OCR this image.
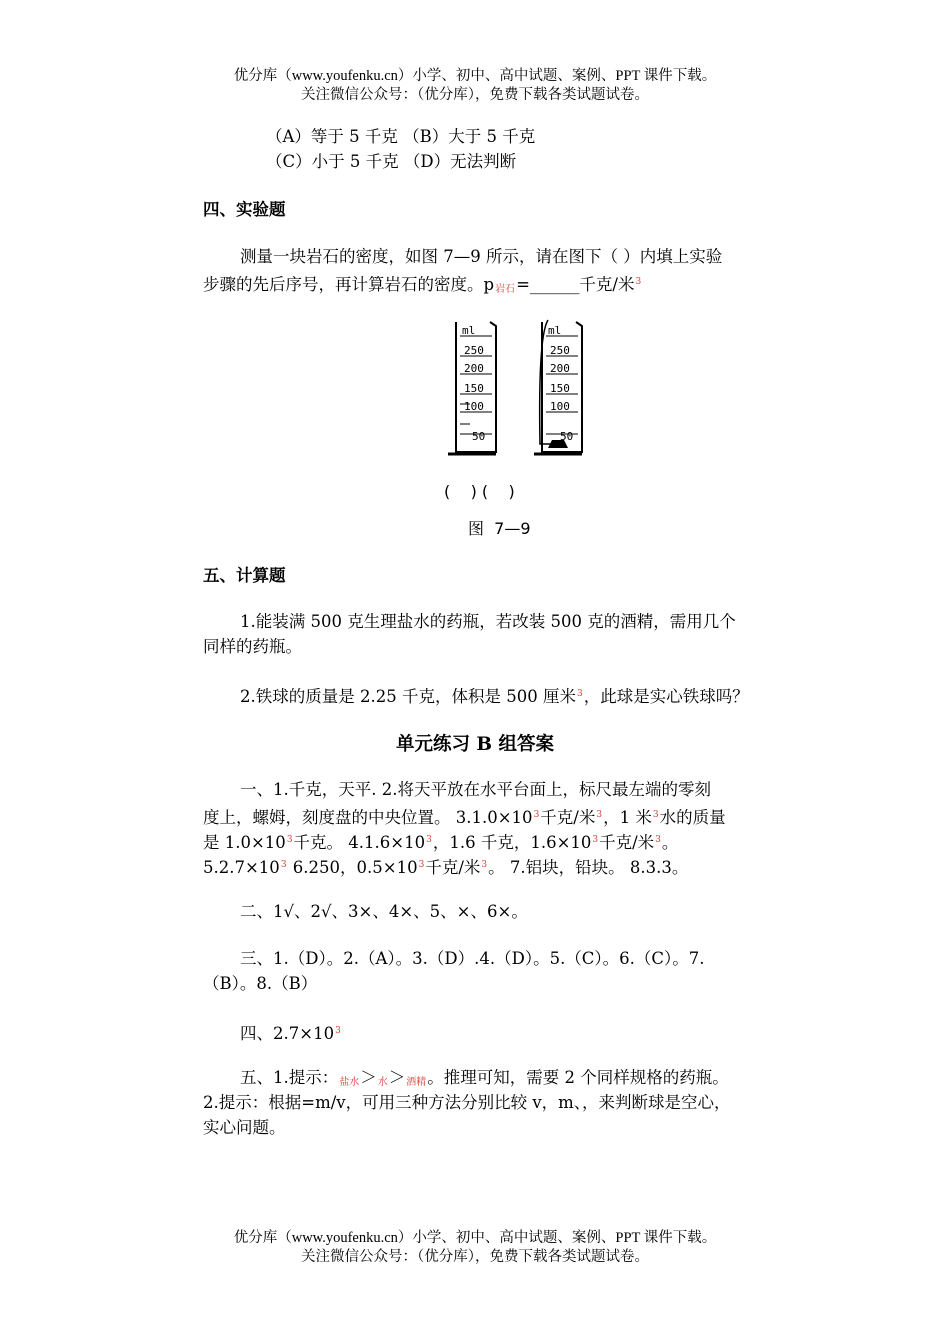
优分库（www.youfenku.cn）小学、初中、高中试题、案例、PPT 课件下载。
关注微信公众号：（优分库），免费下载各类试题试卷。
（A）等于 5 千克 （B）大于 5 千克
（C）小于 5 千克 （D）无法判断
四、实验题
测量一块岩石的密度，如图 7—9 所示，请在图下（ ）内填上实验
步骤的先后序号，再计算岩石的密度。p岩石=______千克/米$^3$
ml
250
200
150
100
50
ml
250
200
150
100
50
(    ) (    )
图  7—9
五、计算题
1.能装满 500 克生理盐水的药瓶，若改装 500 克的酒精，需用几个
同样的药瓶。
2.铁球的质量是 2.25 千克，体积是 500 厘米$^3$，此球是实心铁球吗？
单元练习 B 组答案
一、1.千克，天平. 2.将天平放在水平台面上，标尺最左端的零刻
度上，螺姆，刻度盘的中央位置。 $3.1.0\times 10^3$千克/米$^3$，1 米$^3$水的质量
是 $1.0\times 10^3$千克。 $4.1.6\times 10^3$，1.6 千克，$1.6\times 10^3$千克/米$^3$。
$5.2.7\times 10^3$ 6.250，$0.5\times 10^3$千克/米$^3$。 7.铝块，铅块。 8.3.3。
二、1√、2√、3×、4×、5、×、6×。
三、1.（D）。2.（A）。3.（D）.4.（D）。5.（C）。6.（C）。7.
（B）。8.（B）
四、$2.7\times 10^3$
五、1.提示：盐水＞水＞酒精。推理可知，需要 2 个同样规格的药瓶。
2.提示：根据=m/v，可用三种方法分别比较 v，m、，来判断球是空心，
实心问题。
优分库（www.youfenku.cn）小学、初中、高中试题、案例、PPT 课件下载。
关注微信公众号：（优分库），免费下载各类试题试卷。
